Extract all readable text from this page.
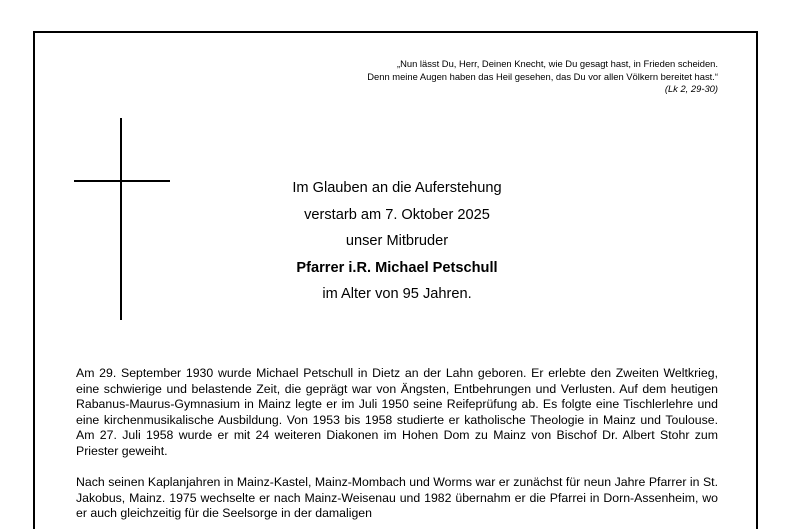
„Nun lässt Du, Herr, Deinen Knecht, wie Du gesagt hast, in Frieden scheiden.
Denn meine Augen haben das Heil gesehen, das Du vor allen Völkern bereitet hast.“
(Lk 2, 29-30)
Im Glauben an die Auferstehung
verstarb am 7. Oktober 2025
unser Mitbruder
Pfarrer i.R. Michael Petschull
im Alter von 95 Jahren.

Am 29. September 1930 wurde Michael Petschull in Dietz an der Lahn geboren. Er erlebte den Zweiten Weltkrieg, eine schwierige und belastende Zeit, die geprägt war von Ängsten, Entbehrungen und Verlusten. Auf dem heutigen Rabanus-Maurus-Gymnasium in Mainz legte er im Juli 1950 seine Reifeprüfung ab. Es folgte eine Tischlerlehre und eine kirchenmusikalische Ausbildung. Von 1953 bis 1958 studierte er katholische Theologie in Mainz und Toulouse. Am 27. Juli 1958 wurde er mit 24 weiteren Diakonen im Hohen Dom zu Mainz von Bischof Dr. Albert Stohr zum Priester geweiht.

Nach seinen Kaplanjahren in Mainz-Kastel, Mainz-Mombach und Worms war er zunächst für neun Jahre Pfarrer in St. Jakobus, Mainz. 1975 wechselte er nach Mainz-Weisenau und 1982 übernahm er die Pfarrei in Dorn-Assenheim, wo er auch gleichzeitig für die Seelsorge in der damaligen
